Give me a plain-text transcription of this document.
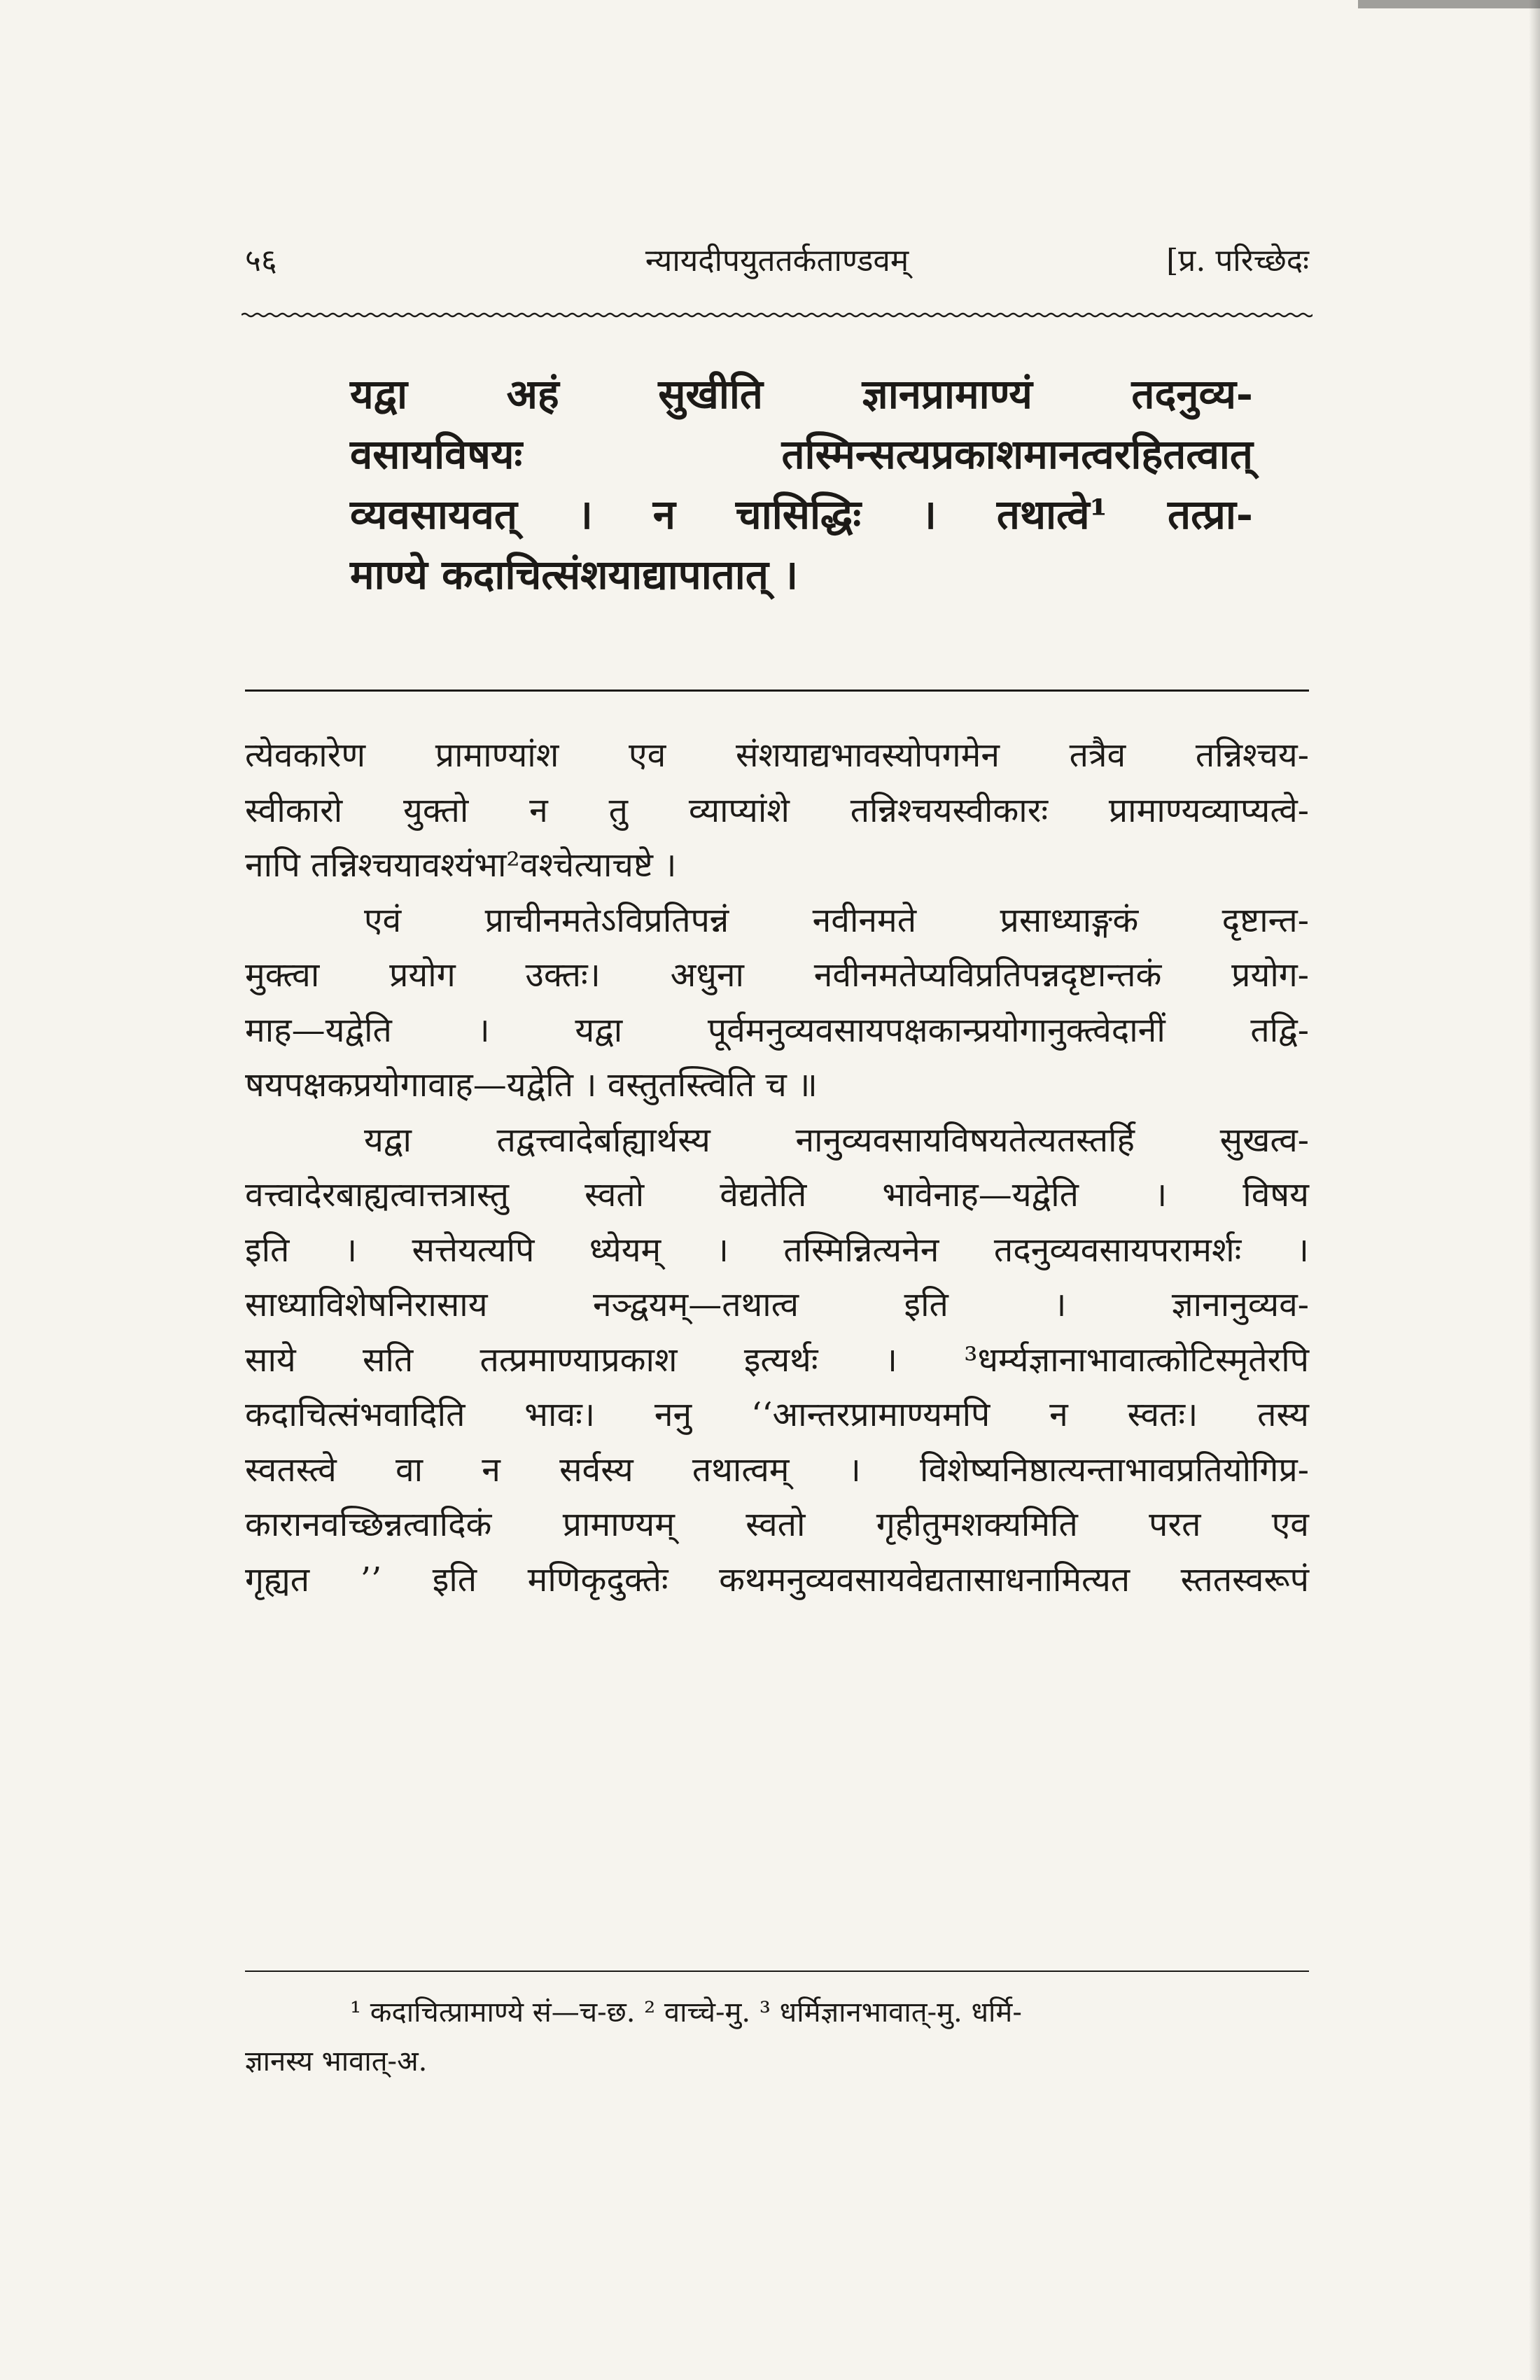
५६	न्यायदीपयुततर्कताण्डवम्	[प्र. परिच्छेदः
यद्वा अहं सुखीति ज्ञानप्रामाण्यं तदनुव्य-
वसायविषयः तस्मिन्सत्यप्रकाशमानत्वरहितत्वात्
व्यवसायवत् । न चासिद्धिः । तथात्वे¹ तत्प्रा-
माण्ये कदाचित्संशयाद्यापातात् ।
त्येवकारेण प्रामाण्यांश एव संशयाद्यभावस्योपगमेन तत्रैव तन्निश्चय-
स्वीकारो युक्तो न तु व्याप्यांशे तन्निश्चयस्वीकारः प्रामाण्यव्याप्यत्वे-
नापि तन्निश्चयावश्यंभा²वश्चेत्याचष्टे ।
एवं प्राचीनमतेऽविप्रतिपन्नं नवीनमते प्रसाध्याङ्गकं दृष्टान्त-
मुक्त्वा प्रयोग उक्तः। अधुना नवीनमतेप्यविप्रतिपन्नदृष्टान्तकं प्रयोग-
माह—यद्वेति । यद्वा पूर्वमनुव्यवसायपक्षकान्प्रयोगानुक्त्वेदानीं तद्वि-
षयपक्षकप्रयोगावाह—यद्वेति । वस्तुतस्त्विति च ॥
यद्वा तद्वत्त्वादेर्बाह्यार्थस्य नानुव्यवसायविषयतेत्यतस्तर्हि सुखत्व-
वत्त्वादेरबाह्यत्वात्तत्रास्तु स्वतो वेद्यतेति भावेनाह—यद्वेति । विषय
इति । सत्तेयत्यपि ध्येयम् । तस्मिन्नित्यनेन तदनुव्यवसायपरामर्शः ।
साध्याविशेषनिरासाय नञ्द्वयम्—तथात्व इति । ज्ञानानुव्यव-
साये सति तत्प्रमाण्याप्रकाश इत्यर्थः । ³धर्म्यज्ञानाभावात्कोटिस्मृतेरपि
कदाचित्संभवादिति भावः। ननु ‘‘आन्तरप्रामाण्यमपि न स्वतः। तस्य
स्वतस्त्वे वा न सर्वस्य तथात्वम् । विशेष्यनिष्ठात्यन्ताभावप्रतियोगिप्र-
कारानवच्छिन्नत्वादिकं प्रामाण्यम् स्वतो गृहीतुमशक्यमिति परत एव
गृह्यत ’’ इति मणिकृदुक्तेः कथमनुव्यवसायवेद्यतासाधनामित्यत स्ततस्वरूपं
¹ कदाचित्प्रामाण्ये सं—च-छ. ² वाच्चे-मु. ³ धर्मिज्ञानभावात्-मु. धर्मि-
ज्ञानस्य भावात्-अ.
